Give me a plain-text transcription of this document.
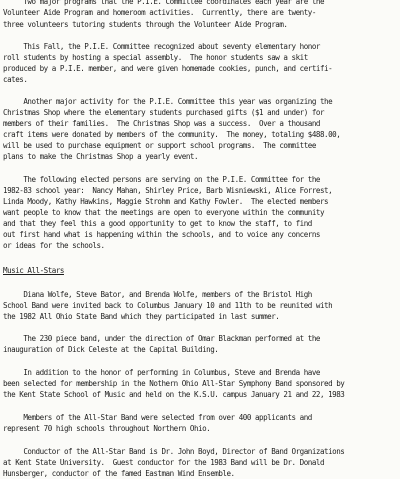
Two major programs that the P.I.E. Committee coordinates each year are the
Volunteer Aide Program and homeroom activities.  Currently, there are twenty-
three volunteers tutoring students through the Volunteer Aide Program.
This Fall, the P.I.E. Committee recognized about seventy elementary honor
roll students by hosting a special assembly.  The honor students saw a skit
produced by a P.I.E. member, and were given homemade cookies, punch, and certifi-
cates.
Another major activity for the P.I.E. Committee this year was organizing the
Christmas Shop where the elementary students purchased gifts ($1 and under) for
members of their families.  The Christmas Shop was a success.  Over a thousand
craft items were donated by members of the community.  The money, totaling $488.00,
will be used to purchase equipment or support school programs.  The committee
plans to make the Christmas Shop a yearly event.
The following elected persons are serving on the P.I.E. Committee for the
1982-83 school year:  Nancy Mahan, Shirley Price, Barb Wisniewski, Alice Forrest,
Linda Moody, Kathy Hawkins, Maggie Strohm and Kathy Fowler.  The elected members
want people to know that the meetings are open to everyone within the community
and that they feel this a good opportunity to get to know the staff, to find
out first hand what is happening within the schools, and to voice any concerns
or ideas for the schools.
Music All-Stars
Diana Wolfe, Steve Bator, and Brenda Wolfe, members of the Bristol High
School Band were invited back to Columbus January 10 and 11th to be reunited with
the 1982 All Ohio State Band which they participated in last summer.
The 230 piece band, under the direction of Omar Blackman performed at the
inauguration of Dick Celeste at the Capital Building.
In addition to the honor of performing in Columbus, Steve and Brenda have
been selected for membership in the Nothern Ohio All-Star Symphony Band sponsored by
the Kent State School of Music and held on the K.S.U. campus January 21 and 22, 1983
Members of the All-Star Band were selected from over 400 applicants and
represent 70 high schools throughout Northern Ohio.
Conductor of the All-Star Band is Dr. John Boyd, Director of Band Organizations
at Kent State University.  Guest conductor for the 1983 Band will be Dr. Donald
Hunsberger, conductor of the famed Eastman Wind Ensemble.
